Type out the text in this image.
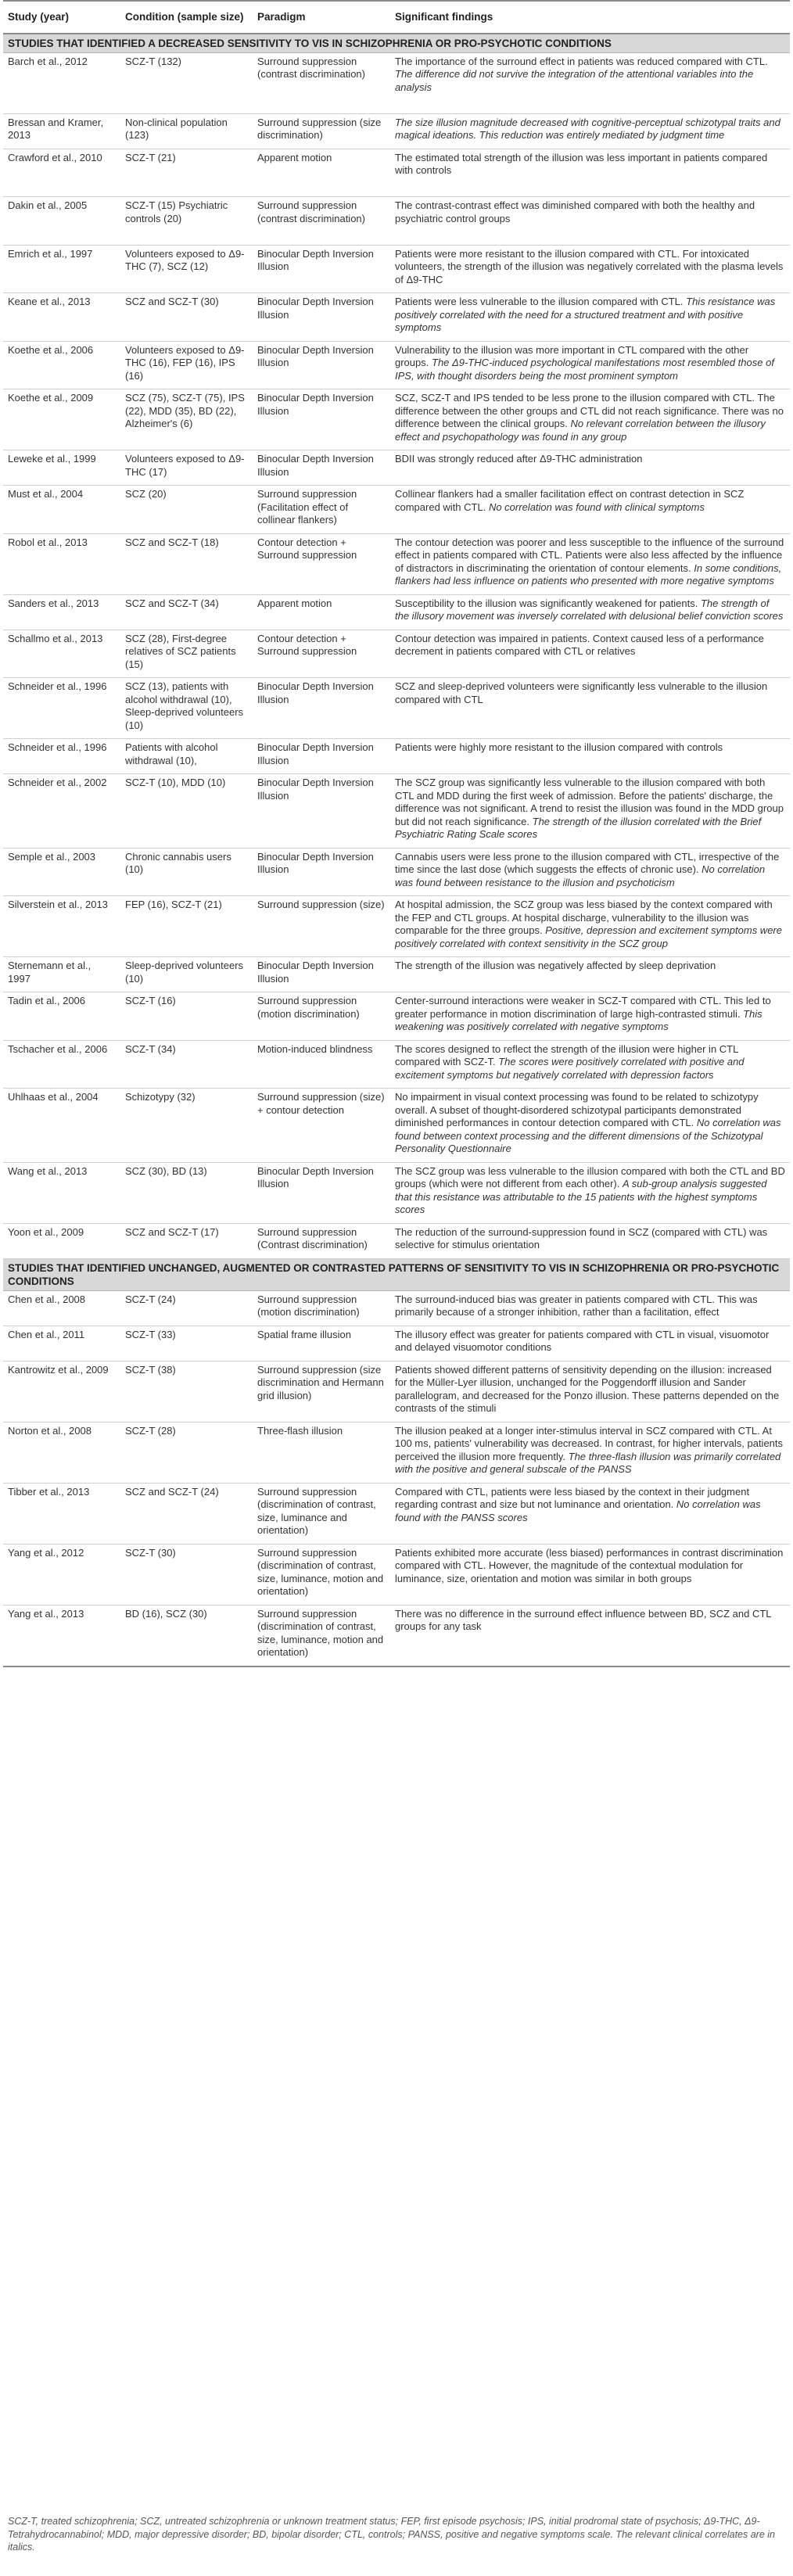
Study (year)	Condition (sample size)	Paradigm	Significant findings
STUDIES THAT IDENTIFIED A DECREASED SENSITIVITY TO VIS IN SCHIZOPHRENIA OR PRO-PSYCHOTIC CONDITIONS			
Barch et al., 2012	SCZ-T (132)	Surround suppression (contrast discrimination)	The importance of the surround effect in patients was reduced compared with CTL. The difference did not survive the integration of the attentional variables into the analysis

Bressan and Kramer, 2013	Non-clinical population (123)	Surround suppression (size discrimination)	The size illusion magnitude decreased with cognitive-perceptual schizotypal traits and magical ideations. This reduction was entirely mediated by judgment time

Crawford et al., 2010	SCZ-T (21)	Apparent motion	The estimated total strength of the illusion was less important in patients compared with controls

Dakin et al., 2005	SCZ-T (15) Psychiatric controls (20)	Surround suppression (contrast discrimination)	The contrast-contrast effect was diminished compared with both the healthy and psychiatric control groups

Emrich et al., 1997	Volunteers exposed to Δ9-THC (7), SCZ (12)	Binocular Depth Inversion Illusion	Patients were more resistant to the illusion compared with CTL. For intoxicated volunteers, the strength of the illusion was negatively correlated with the plasma levels of Δ9-THC

Keane et al., 2013	SCZ and SCZ-T (30)	Binocular Depth Inversion Illusion	Patients were less vulnerable to the illusion compared with CTL. This resistance was positively correlated with the need for a structured treatment and with positive symptoms

Koethe et al., 2006	Volunteers exposed to Δ9-THC (16), FEP (16), IPS (16)	Binocular Depth Inversion Illusion	Vulnerability to the illusion was more important in CTL compared with the other groups. The Δ9-THC-induced psychological manifestations most resembled those of IPS, with thought disorders being the most prominent symptom

Koethe et al., 2009	SCZ (75), SCZ-T (75), IPS (22), MDD (35), BD (22), Alzheimer's (6)	Binocular Depth Inversion Illusion	SCZ, SCZ-T and IPS tended to be less prone to the illusion compared with CTL. The difference between the other groups and CTL did not reach significance. There was no difference between the clinical groups. No relevant correlation between the illusory effect and psychopathology was found in any group

Leweke et al., 1999	Volunteers exposed to Δ9-THC (17)	Binocular Depth Inversion Illusion	BDII was strongly reduced after Δ9-THC administration

Must et al., 2004	SCZ (20)	Surround suppression (Facilitation effect of collinear flankers)	Collinear flankers had a smaller facilitation effect on contrast detection in SCZ compared with CTL. No correlation was found with clinical symptoms

Robol et al., 2013	SCZ and SCZ-T (18)	Contour detection + Surround suppression	The contour detection was poorer and less susceptible to the influence of the surround effect in patients compared with CTL. Patients were also less affected by the influence of distractors in discriminating the orientation of contour elements. In some conditions, flankers had less influence on patients who presented with more negative symptoms

Sanders et al., 2013	SCZ and SCZ-T (34)	Apparent motion	Susceptibility to the illusion was significantly weakened for patients. The strength of the illusory movement was inversely correlated with delusional belief conviction scores

Schallmo et al., 2013	SCZ (28), First-degree relatives of SCZ patients (15)	Contour detection + Surround suppression	Contour detection was impaired in patients. Context caused less of a performance decrement in patients compared with CTL or relatives

Schneider et al., 1996	SCZ (13), patients with alcohol withdrawal (10), Sleep-deprived volunteers (10)	Binocular Depth Inversion Illusion	SCZ and sleep-deprived volunteers were significantly less vulnerable to the illusion compared with CTL

Schneider et al., 1996	Patients with alcohol withdrawal (10),	Binocular Depth Inversion Illusion	Patients were highly more resistant to the illusion compared with controls

Schneider et al., 2002	SCZ-T (10), MDD (10)	Binocular Depth Inversion Illusion	The SCZ group was significantly less vulnerable to the illusion compared with both CTL and MDD during the first week of admission. Before the patients' discharge, the difference was not significant. A trend to resist the illusion was found in the MDD group but did not reach significance. The strength of the illusion correlated with the Brief Psychiatric Rating Scale scores

Semple et al., 2003	Chronic cannabis users (10)	Binocular Depth Inversion Illusion	Cannabis users were less prone to the illusion compared with CTL, irrespective of the time since the last dose (which suggests the effects of chronic use). No correlation was found between resistance to the illusion and psychoticism

Silverstein et al., 2013	FEP (16), SCZ-T (21)	Surround suppression (size)	At hospital admission, the SCZ group was less biased by the context compared with the FEP and CTL groups. At hospital discharge, vulnerability to the illusion was comparable for the three groups. Positive, depression and excitement symptoms were positively correlated with context sensitivity in the SCZ group

Sternemann et al., 1997	Sleep-deprived volunteers (10)	Binocular Depth Inversion Illusion	The strength of the illusion was negatively affected by sleep deprivation

Tadin et al., 2006	SCZ-T (16)	Surround suppression (motion discrimination)	Center-surround interactions were weaker in SCZ-T compared with CTL. This led to greater performance in motion discrimination of large high-contrasted stimuli. This weakening was positively correlated with negative symptoms

Tschacher et al., 2006	SCZ-T (34)	Motion-induced blindness	The scores designed to reflect the strength of the illusion were higher in CTL compared with SCZ-T. The scores were positively correlated with positive and excitement symptoms but negatively correlated with depression factors

Uhlhaas et al., 2004	Schizotypy (32)	Surround suppression (size) + contour detection	No impairment in visual context processing was found to be related to schizotypy overall. A subset of thought-disordered schizotypal participants demonstrated diminished performances in contour detection compared with CTL. No correlation was found between context processing and the different dimensions of the Schizotypal Personality Questionnaire

Wang et al., 2013	SCZ (30), BD (13)	Binocular Depth Inversion Illusion	The SCZ group was less vulnerable to the illusion compared with both the CTL and BD groups (which were not different from each other). A sub-group analysis suggested that this resistance was attributable to the 15 patients with the highest symptoms scores

Yoon et al., 2009	SCZ and SCZ-T (17)	Surround suppression (Contrast discrimination)	The reduction of the surround-suppression found in SCZ (compared with CTL) was selective for stimulus orientation
STUDIES THAT IDENTIFIED UNCHANGED, AUGMENTED OR CONTRASTED PATTERNS OF SENSITIVITY TO VIS IN SCHIZOPHRENIA OR PRO-PSYCHOTIC CONDITIONS			
Chen et al., 2008	SCZ-T (24)	Surround suppression (motion discrimination)	The surround-induced bias was greater in patients compared with CTL. This was primarily because of a stronger inhibition, rather than a facilitation, effect

Chen et al., 2011	SCZ-T (33)	Spatial frame illusion	The illusory effect was greater for patients compared with CTL in visual, visuomotor and delayed visuomotor conditions

Kantrowitz et al., 2009	SCZ-T (38)	Surround suppression (size discrimination and Hermann grid illusion)	Patients showed different patterns of sensitivity depending on the illusion: increased for the Müller-Lyer illusion, unchanged for the Poggendorff illusion and Sander parallelogram, and decreased for the Ponzo illusion. These patterns depended on the contrasts of the stimuli

Norton et al., 2008	SCZ-T (28)	Three-flash illusion	The illusion peaked at a longer inter-stimulus interval in SCZ compared with CTL. At 100 ms, patients' vulnerability was decreased. In contrast, for higher intervals, patients perceived the illusion more frequently. The three-flash illusion was primarily correlated with the positive and general subscale of the PANSS

Tibber et al., 2013	SCZ and SCZ-T (24)	Surround suppression (discrimination of contrast, size, luminance and orientation)	Compared with CTL, patients were less biased by the context in their judgment regarding contrast and size but not luminance and orientation. No correlation was found with the PANSS scores

Yang et al., 2012	SCZ-T (30)	Surround suppression (discrimination of contrast, size, luminance, motion and orientation)	Patients exhibited more accurate (less biased) performances in contrast discrimination compared with CTL. However, the magnitude of the contextual modulation for luminance, size, orientation and motion was similar in both groups
Yang et al., 2013	BD (16), SCZ (30)	Surround suppression (discrimination of contrast, size, luminance, motion and orientation)	There was no difference in the surround effect influence between BD, SCZ and CTL groups for any task
SCZ-T, treated schizophrenia; SCZ, untreated schizophrenia or unknown treatment status; FEP, first episode psychosis; IPS, initial prodromal state of psychosis; Δ9-THC, Δ9-Tetrahydrocannabinol; MDD, major depressive disorder; BD, bipolar disorder; CTL, controls; PANSS, positive and negative symptoms scale. The relevant clinical correlates are in italics.
